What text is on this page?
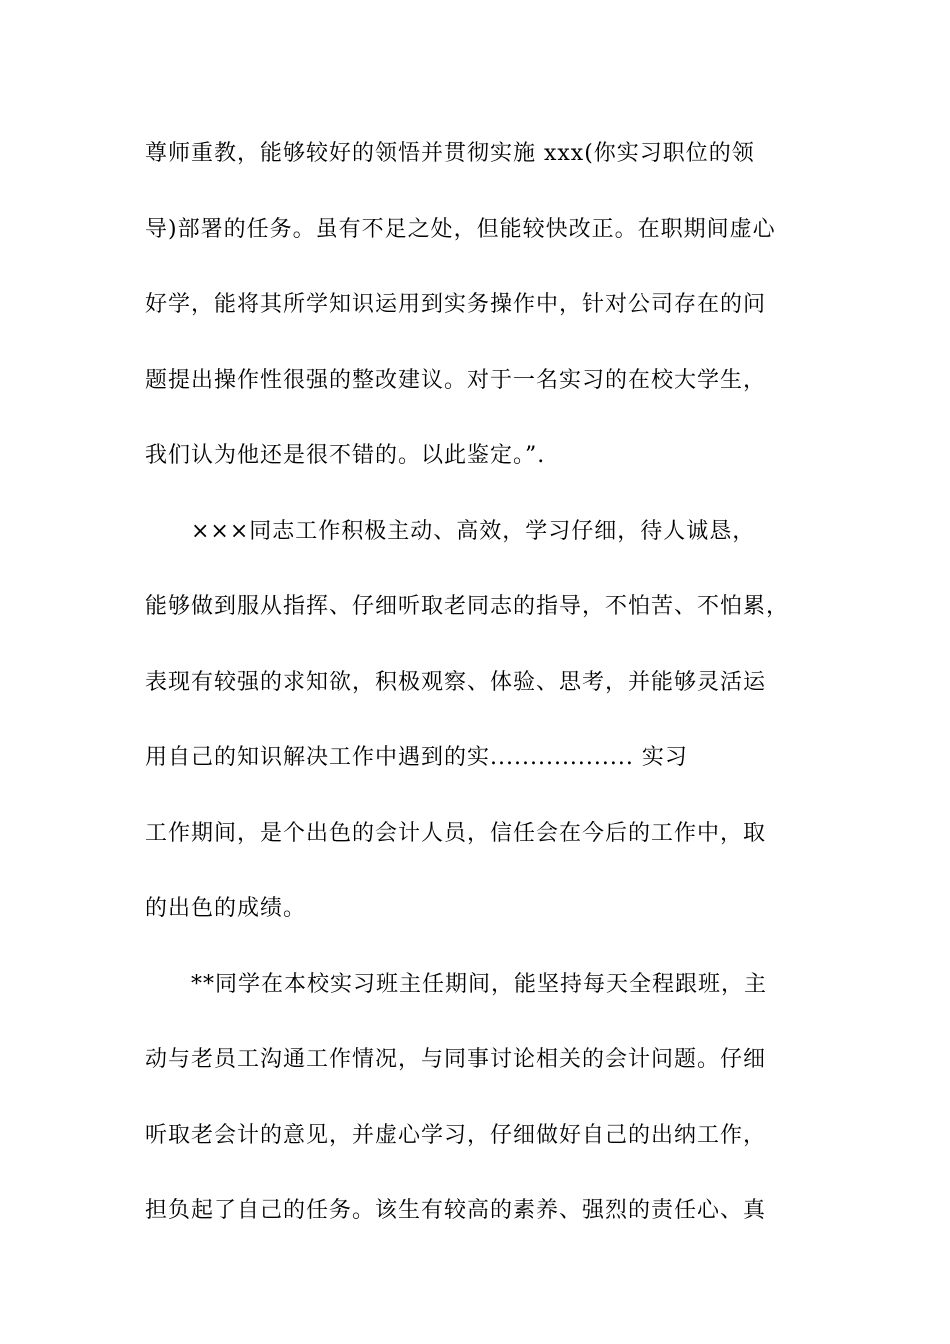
尊师重教，能够较好的领悟并贯彻实施 xxx(你实习职位的领
导)部署的任务。虽有不足之处，但能较快改正。在职期间虚心
好学，能将其所学知识运用到实务操作中，针对公司存在的问
题提出操作性很强的整改建议。对于一名实习的在校大学生，
我们认为他还是很不错的。以此鉴定。”.
×××同志工作积极主动、高效，学习仔细，待人诚恳，
能够做到服从指挥、仔细听取老同志的指导，不怕苦、不怕累，
表现有较强的求知欲，积极观察、体验、思考，并能够灵活运
用自己的知识解决工作中遇到的实.................. 实习
工作期间，是个出色的会计人员，信任会在今后的工作中，取
的出色的成绩。
**同学在本校实习班主任期间，能坚持每天全程跟班，主
动与老员工沟通工作情况，与同事讨论相关的会计问题。仔细
听取老会计的意见，并虚心学习，仔细做好自己的出纳工作，
担负起了自己的任务。该生有较高的素养、强烈的责任心、真
